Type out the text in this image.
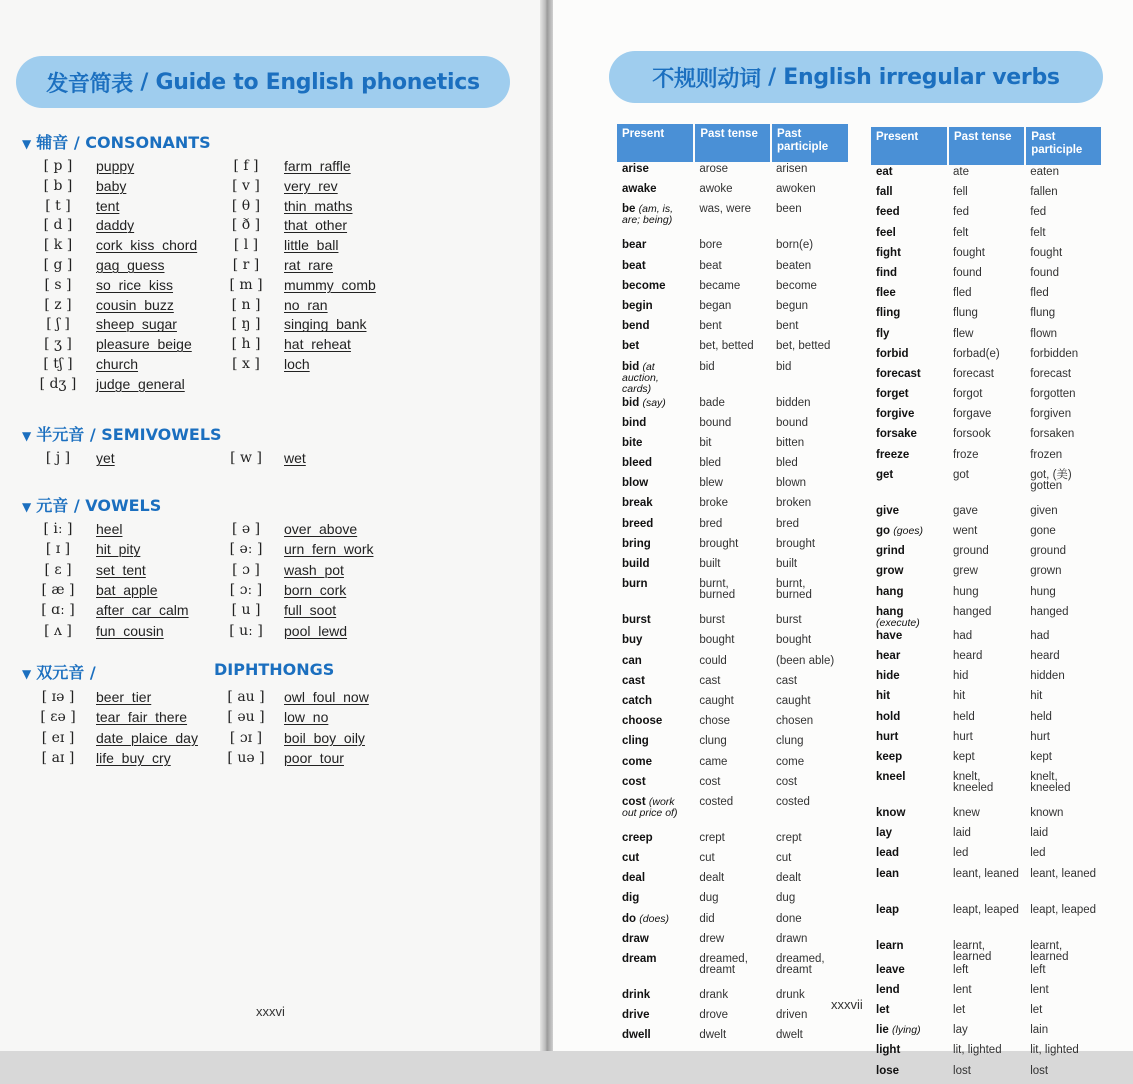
发音简表 / Guide to English phonetics
▼ 辅音 / CONSONANTS
[ p ]	puppy
[ b ]	baby
[ t ]	tent
[ d ]	daddy
[ k ]	cork  kiss  chord
[ g ]	gag  guess
[ s ]	so  rice  kiss
[ z ]	cousin  buzz
[ ʃ ]	sheep  sugar
[ ʒ ]	pleasure  beige
[ tʃ ]	church
[ dʒ ] judge  general
[ f ]	farm  raffle
[ v ]	very  rev
[ θ ]	thin  maths
[ ð ]	that  other
[ l ]	little  ball
[ r ]	rat  rare
[ m ] mummy  comb
[ n ]	no  ran
[ ŋ ]	singing  bank
[ h ]	hat  reheat
[ x ]	loch
▼ 半元音 / SEMIVOWELS
[ j ]	yet	[ w ] wet
▼ 元音 / VOWELS
[ iː ]	heel
[ ɪ ]	hit  pity
[ ɛ ]	set  tent
[ æ ] bat  apple
[ ɑː ] after  car  calm
[ ʌ ]	fun  cousin
[ ə ]	over  above
[ əː ] urn  fern  work
[ ɔ ]	wash  pot
[ ɔː ] born  cork
[ u ]	full  soot
[ uː ] pool  lewd
▼ 双元音 /	DIPHTHONGS
[ ɪə ] beer  tier
[ ɛə ] tear  fair  there
[ eɪ ] date  plaice  day
[ aɪ ] life  buy  cry
[ au ] owl  foul  now
[ əu ] low  no
[ ɔɪ ] boil  boy  oily
[ uə ] poor  tour
xxxvi
不规则动词 / English irregular verbs
Present	Past tense	Past participle
arise	arose	arisen
awake	awoke	awoken
be (am, is, are; being)	was, were	been
bear	bore	born(e)
beat	beat	beaten
become	became	become
begin	began	begun
bend	bent	bent
bet	bet, betted	bet, betted
bid (at auction, cards)	bid	bid
bid (say)	bade	bidden
bind	bound	bound
bite	bit	bitten
bleed	bled	bled
blow	blew	blown
break	broke	broken
breed	bred	bred
bring	brought	brought
build	built	built
burn	burnt, burned	burnt, burned
burst	burst	burst
buy	bought	bought
can	could	(been able)
cast	cast	cast
catch	caught	caught
choose	chose	chosen
cling	clung	clung
come	came	come
cost	cost	cost
cost (work out price of)	costed	costed
creep	crept	crept
cut	cut	cut
deal	dealt	dealt
dig	dug	dug
do (does)	did	done
draw	drew	drawn
dream	dreamed, dreamt	dreamed, dreamt
drink	drank	drunk
drive	drove	driven
dwell	dwelt	dwelt
Present	Past tense	Past participle
eat	ate	eaten
fall	fell	fallen
feed	fed	fed
feel	felt	felt
fight	fought	fought
find	found	found
flee	fled	fled
fling	flung	flung
fly	flew	flown
forbid	forbad(e)	forbidden
forecast	forecast	forecast
forget	forgot	forgotten
forgive	forgave	forgiven
forsake	forsook	forsaken
freeze	froze	frozen
get	got	got, (美) gotten
give	gave	given
go (goes)	went	gone
grind	ground	ground
grow	grew	grown
hang	hung	hung
hang (execute)	hanged	hanged
have	had	had
hear	heard	heard
hide	hid	hidden
hit	hit	hit
hold	held	held
hurt	hurt	hurt
keep	kept	kept
kneel	knelt, kneeled	knelt, kneeled
know	knew	known
lay	laid	laid
lead	led	led
lean	leant, leaned	leant, leaned
leap	leapt, leaped	leapt, leaped
learn	learnt, learned	learnt, learned
leave	left	left
lend	lent	lent
let	let	let
lie (lying)	lay	lain
light	lit, lighted	lit, lighted
lose	lost	lost
xxxvii
